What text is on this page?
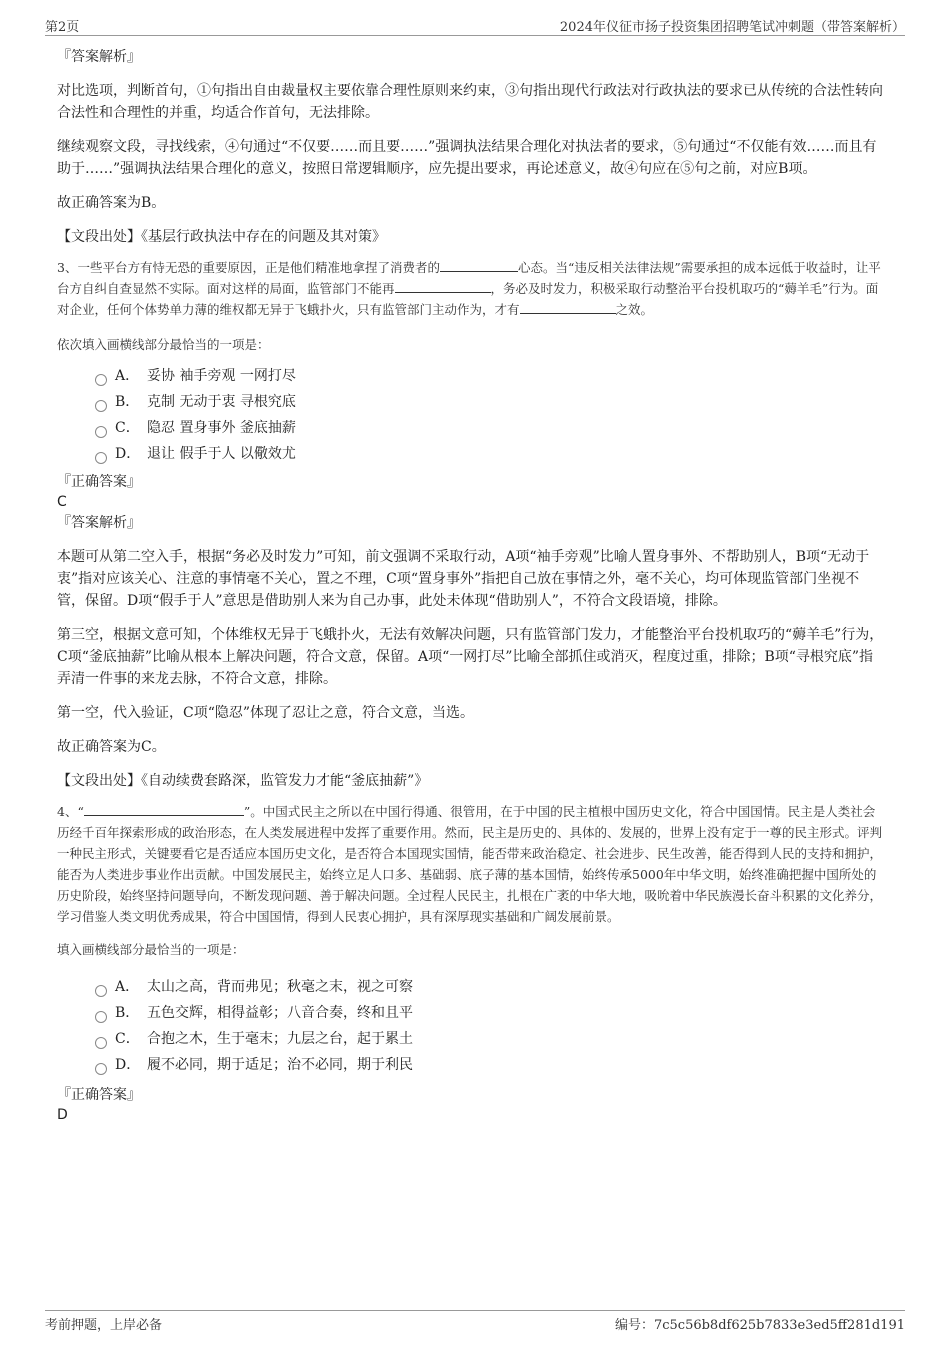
第2页	2024年仪征市扬子投资集团招聘笔试冲刺题（带答案解析）

『答案解析』

对比选项，判断首句，①句指出自由裁量权主要依靠合理性原则来约束，③句指出现代行政法对行政执法的要求已从传统的合法性转向合法性和合理性的并重，均适合作首句，无法排除。

继续观察文段，寻找线索，④句通过“不仅要……而且要……”强调执法结果合理化对执法者的要求，⑤句通过“不仅能有效……而且有助于……”强调执法结果合理化的意义，按照日常逻辑顺序，应先提出要求，再论述意义，故④句应在⑤句之前，对应B项。

故正确答案为B。

【文段出处】《基层行政执法中存在的问题及其对策》

3、一些平台方有恃无恐的重要原因，正是他们精准地拿捏了消费者的	心态。当“违反相关法律法规”需要承担的成本远低于收益时，让平台方自纠自查显然不实际。面对这样的局面，监管部门不能再	，务必及时发力，积极采取行动整治平台投机取巧的“薅羊毛”行为。面对企业，任何个体势单力薄的维权都无异于飞蛾扑火，只有监管部门主动作为，才有	之效。

依次填入画横线部分最恰当的一项是：

A． 妥协 袖手旁观 一网打尽
B． 克制 无动于衷 寻根究底
C． 隐忍 置身事外 釜底抽薪
D． 退让 假手于人 以儆效尤

『正确答案』

C

『答案解析』

本题可从第二空入手，根据“务必及时发力”可知，前文强调不采取行动，A项“袖手旁观”比喻人置身事外、不帮助别人，B项“无动于衷”指对应该关心、注意的事情毫不关心，置之不理，C项“置身事外”指把自己放在事情之外，毫不关心，均可体现监管部门坐视不管，保留。D项“假手于人”意思是借助别人来为自己办事，此处未体现“借助别人”，不符合文段语境，排除。

第三空，根据文意可知，个体维权无异于飞蛾扑火，无法有效解决问题，只有监管部门发力，才能整治平台投机取巧的“薅羊毛”行为，C项“釜底抽薪”比喻从根本上解决问题，符合文意，保留。A项“一网打尽”比喻全部抓住或消灭，程度过重，排除；B项“寻根究底”指弄清一件事的来龙去脉，不符合文意，排除。

第一空，代入验证，C项“隐忍”体现了忍让之意，符合文意，当选。

故正确答案为C。

【文段出处】《自动续费套路深，监管发力才能“釜底抽薪”》

4、“	”。中国式民主之所以在中国行得通、很管用，在于中国的民主植根中国历史文化，符合中国国情。民主是人类社会历经千百年探索形成的政治形态，在人类发展进程中发挥了重要作用。然而，民主是历史的、具体的、发展的，世界上没有定于一尊的民主形式。评判一种民主形式，关键要看它是否适应本国历史文化，是否符合本国现实国情，能否带来政治稳定、社会进步、民生改善，能否得到人民的支持和拥护，能否为人类进步事业作出贡献。中国发展民主，始终立足人口多、基础弱、底子薄的基本国情，始终传承5000年中华文明，始终准确把握中国所处的历史阶段，始终坚持问题导向，不断发现问题、善于解决问题。全过程人民民主，扎根在广袤的中华大地，吸吮着中华民族漫长奋斗积累的文化养分，学习借鉴人类文明优秀成果，符合中国国情，得到人民衷心拥护，具有深厚现实基础和广阔发展前景。

填入画横线部分最恰当的一项是：

A． 太山之高，背而弗见；秋毫之末，视之可察
B． 五色交辉，相得益彰；八音合奏，终和且平
C． 合抱之木，生于毫末；九层之台，起于累土
D． 履不必同，期于适足；治不必同，期于利民

『正确答案』

D

考前押题，上岸必备	编号：7c5c56b8df625b7833e3ed5ff281d191
